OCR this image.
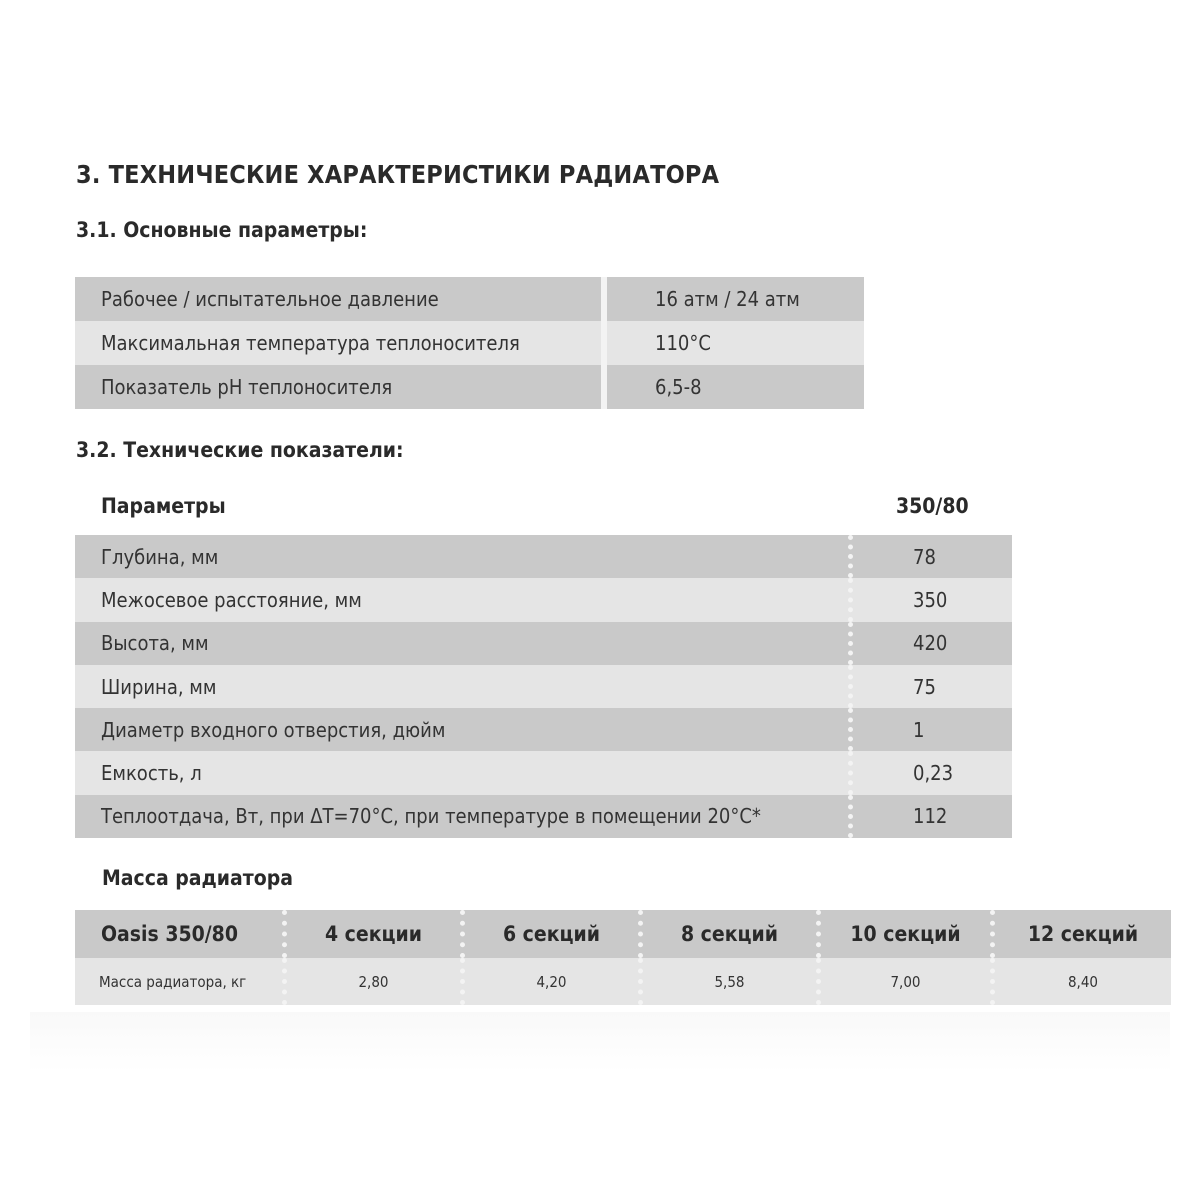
3. ТЕХНИЧЕСКИЕ ХАРАКТЕРИСТИКИ РАДИАТОРА
3.1. Основные параметры:
Рабочее / испытательное давление	16 атм / 24 атм
Максимальная температура теплоносителя	110°С
Показатель рН теплоносителя	6,5-8
3.2. Технические показатели:
Параметры	350/80
Глубина, мм	78
Межосевое расстояние, мм	350
Высота, мм	420
Ширина, мм	75
Диаметр входного отверстия, дюйм	1
Емкость, л	0,23
Теплоотдача, Вт, при ΔТ=70°С, при температуре в помещении 20°С*	112
Масса радиатора
Oasis 350/80	4 секции	6 секций	8 секций	10 секций	12 секций
Масса радиатора, кг	2,80	4,20	5,58	7,00	8,40
